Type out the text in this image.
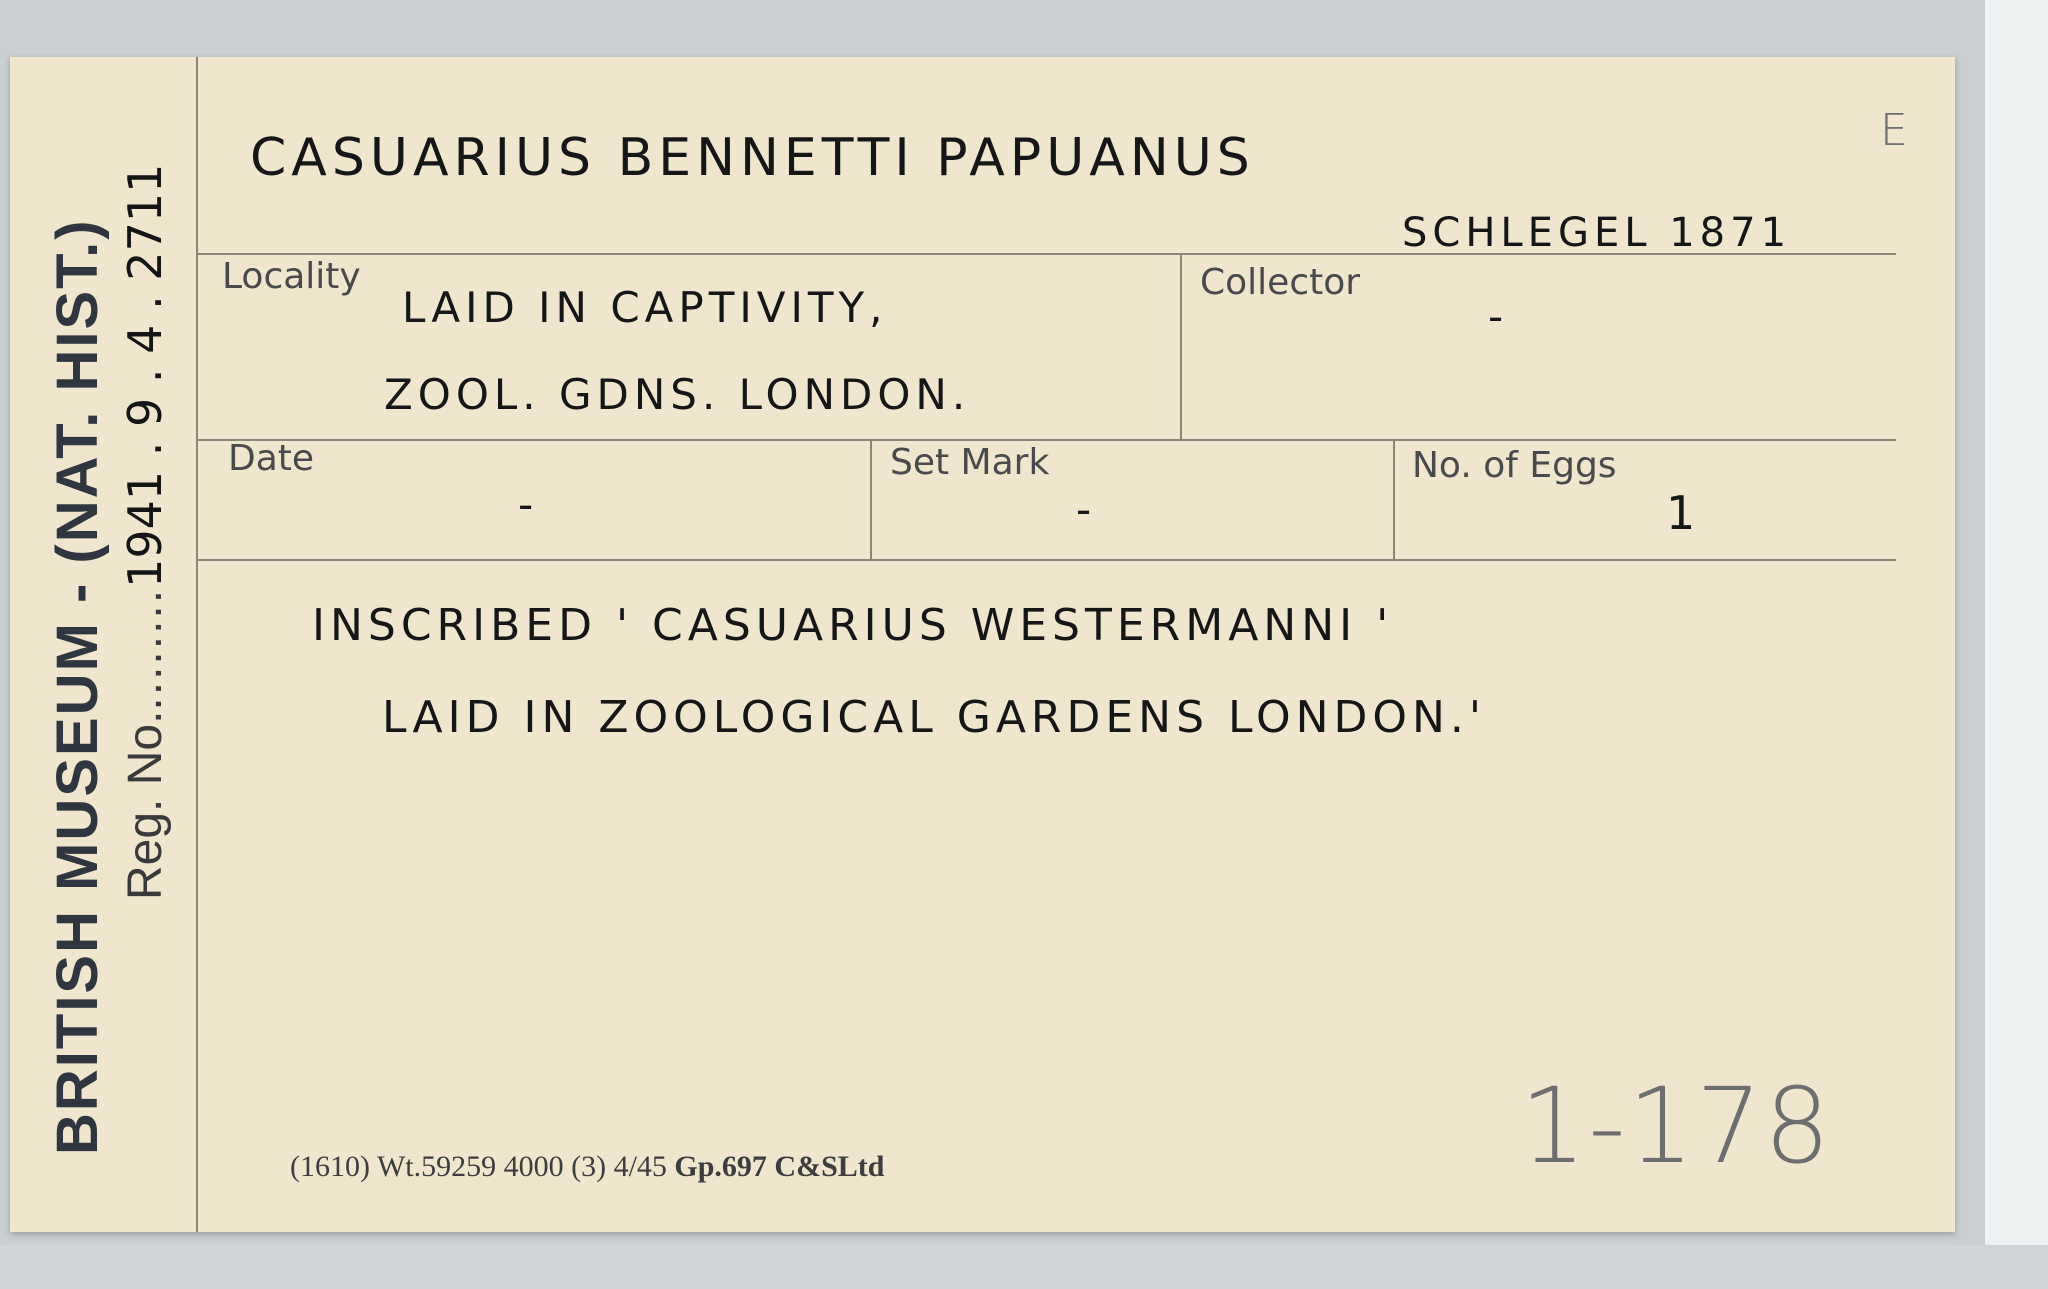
BRITISH MUSEUM - (NAT. HIST.) Reg. No.........1941 . 9 . 4 . 2711
CASUARIUS BENNETTI PAPUANUS
SCHLEGEL 1871
E
Locality
LAID IN CAPTIVITY,
ZOOL. GDNS. LONDON.
Collector
-
Date
-
Set Mark
-
No. of Eggs
1
INSCRIBED ' CASUARIUS WESTERMANNI '
LAID IN ZOOLOGICAL GARDENS LONDON.'
1-178
(1610) Wt.59259 4000 (3) 4/45 Gp.697 C&SLtd
